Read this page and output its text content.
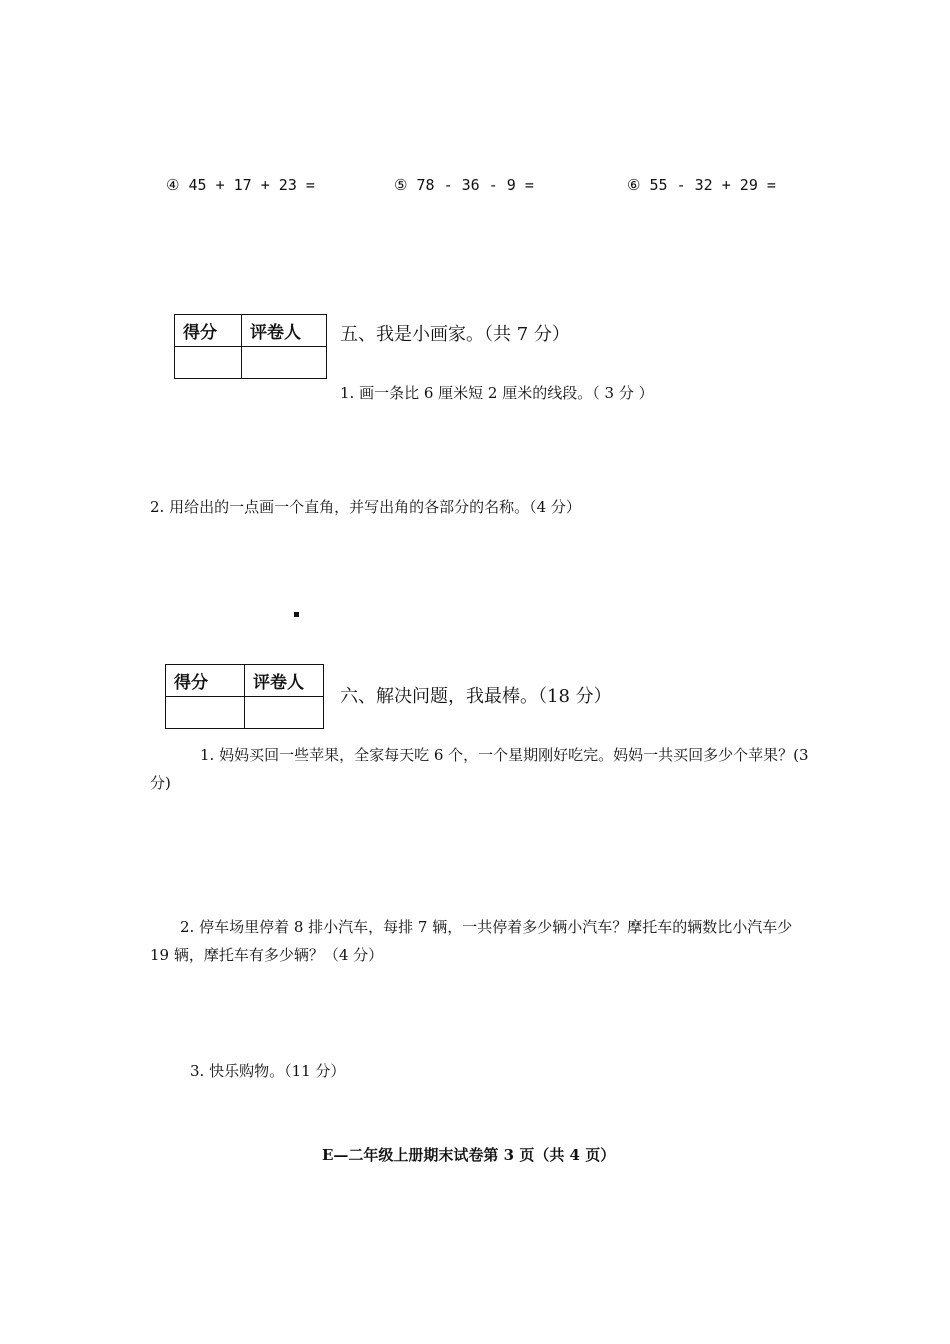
④ 45 + 17 + 23 =	⑤ 78 - 36 - 9 =	⑥ 55 - 32 + 29 =
得分	评卷人
	五、我是小画家。（共 7 分）
1. 画一条比 6 厘米短 2 厘米的线段。（ 3 分 ）
2. 用给出的一点画一个直角，并写出角的各部分的名称。（4 分）
得分	评卷人

六、解决问题，我最棒。（18 分）
1. 妈妈买回一些苹果，全家每天吃 6 个，一个星期刚好吃完。妈妈一共买回多少个苹果？(3 分)
2. 停车场里停着 8 排小汽车，每排 7 辆，一共停着多少辆小汽车？摩托车的辆数比小汽车少 19 辆，摩托车有多少辆？（4 分）
3. 快乐购物。（11 分）
E—二年级上册期末试卷第 3 页（共 4 页）
